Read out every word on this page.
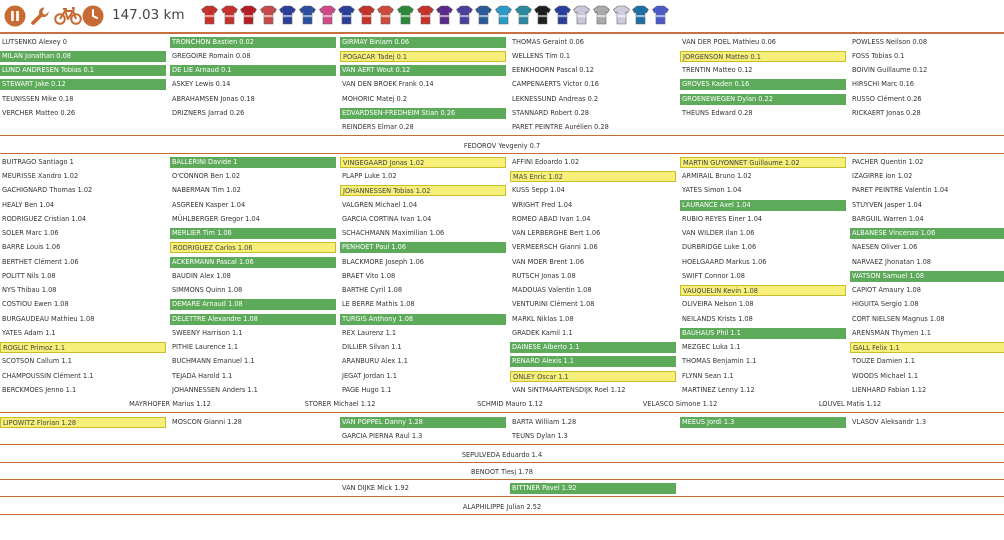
147.03 km
LUTSENKO Alexey 0	TRONCHON Bastien 0.02	GIRMAY Biniam 0.06	THOMAS Geraint 0.06	VAN DER POEL Mathieu 0.06	POWLESS Neilson 0.08
MILAN Jonathan 0.08	GREGOIRE Romain 0.08	POGACAR Tadej 0.1	WELLENS Tim 0.1	JORGENSON Matteo 0.1	FOSS Tobias 0.1
LUND ANDRESEN Tobias 0.1	DE LIE Arnaud 0.1	VAN AERT Wout 0.12	EENKHOORN Pascal 0.12	TRENTIN Matteo 0.12	BOIVIN Guillaume 0.12
STEWART Jake 0.12	ASKEY Lewis 0.14	VAN DEN BROEK Frank 0.14	CAMPENAERTS Victor 0.16	GROVES Kaden 0.16	HIRSCHI Marc 0.16
TEUNISSEN Mike 0.18	ABRAHAMSEN Jonas 0.18	MOHORIC Matej 0.2	LEKNESSUND Andreas 0.2	GROENEWEGEN Dylan 0.22	RUSSO Clément 0.26
VERCHER Matteo 0.26	DRIZNERS Jarrad 0.26	EDVARDSEN-FREDHEIM Stian 0.26	STANNARD Robert 0.28	THEUNS Edward 0.28	RICKAERT Jonas 0.28
REINDERS Elmar 0.28	PARET PEINTRE Aurélien 0.28
FEDOROV Yevgeniy 0.7
BUITRAGO Santiago 1	BALLERINI Davide 1	VINGEGAARD Jonas 1.02	AFFINI Edoardo 1.02	MARTIN GUYONNET Guillaume 1.02	PACHER Quentin 1.02
MEURISSE Xandro 1.02	O'CONNOR Ben 1.02	PLAPP Luke 1.02	MAS Enric 1.02	ARMIRAIL Bruno 1.02	IZAGIRRE Ion 1.02
GACHIGNARD Thomas 1.02	NABERMAN Tim 1.02	JOHANNESSEN Tobias 1.02	KUSS Sepp 1.04	YATES Simon 1.04	PARET PEINTRE Valentin 1.04
HEALY Ben 1.04	ASGREEN Kasper 1.04	VALGREN Michael 1.04	WRIGHT Fred 1.04	LAURANCE Axel 1.04	STUYVEN Jasper 1.04
RODRIGUEZ Cristian 1.04	MÜHLBERGER Gregor 1.04	GARCIA CORTINA Ivan 1.04	ROMEO ABAD Ivan 1.04	RUBIO REYES Einer 1.04	BARGUIL Warren 1.04
SOLER Marc 1.06	MERLIER Tim 1.06	SCHACHMANN Maximilian 1.06	VAN LERBERGHE Bert 1.06	VAN WILDER Ilan 1.06	ALBANESE Vincenzo 1.06
BARRE Louis 1.06	RODRIGUEZ Carlos 1.06	PENHOET Paul 1.06	VERMEERSCH Gianni 1.06	DURBRIDGE Luke 1.06	NAESEN Oliver 1.06
BERTHET Clément 1.06	ACKERMANN Pascal 1.06	BLACKMORE Joseph 1.06	VAN MOER Brent 1.06	HOELGAARD Markus 1.06	NARVAEZ Jhonatan 1.08
POLITT Nils 1.08	BAUDIN Alex 1.08	BRAET Vito 1.08	RUTSCH Jonas 1.08	SWIFT Connor 1.08	WATSON Samuel 1.08
NYS Thibau 1.08	SIMMONS Quinn 1.08	BARTHE Cyril 1.08	MADOUAS Valentin 1.08	VAUQUELIN Kevin 1.08	CAPIOT Amaury 1.08
COSTIOU Ewen 1.08	DEMARE Arnaud 1.08	LE BERRE Mathis 1.08	VENTURINI Clément 1.08	OLIVEIRA Nelson 1.08	HIGUITA Sergio 1.08
BURGAUDEAU Mathieu 1.08	DELETTRE Alexandre 1.08	TURGIS Anthony 1.08	MARKL Niklas 1.08	NEILANDS Krists 1.08	CORT NIELSEN Magnus 1.08
YATES Adam 1.1	SWEENY Harrison 1.1	REX Laurenz 1.1	GRADEK Kamil 1.1	BAUHAUS Phil 1.1	ARENSMAN Thymen 1.1
ROGLIC Primoz 1.1	PITHIE Laurence 1.1	DILLIER Silvan 1.1	DAINESE Alberto 1.1	MEZGEC Luka 1.1	GALL Felix 1.1
SCOTSON Callum 1.1	BUCHMANN Emanuel 1.1	ARANBURU Alex 1.1	RENARD Alexis 1.1	THOMAS Benjamin 1.1	TOUZE Damien 1.1
CHAMPOUSSIN Clément 1.1	TEJADA Harold 1.1	JEGAT Jordan 1.1	ONLEY Oscar 1.1	FLYNN Sean 1.1	WOODS Michael 1.1
BERCKMOES Jenno 1.1	JOHANNESSEN Anders 1.1	PAGE Hugo 1.1	VAN SINTMAARTENSDIJK Roel 1.12	MARTINEZ Lenny 1.12	LIENHARD Fabian 1.12
MAYRHOFER Marius 1.12	STORER Michael 1.12	SCHMID Mauro 1.12	VELASCO Simone 1.12	LOUVEL Matis 1.12
LIPOWITZ Florian 1.28	MOSCON Gianni 1.28	VAN POPPEL Danny 1.28	BARTA William 1.28	MEEUS Jordi 1.3	VLASOV Aleksandr 1.3
GARCIA PIERNA Raul 1.3	TEUNS Dylan 1.3
SEPULVEDA Eduardo 1.4
BENOOT Tiesj 1.78
VAN DIJKE Mick 1.92	BITTNER Pavel 1.92
ALAPHILIPPE Julian 2.52
